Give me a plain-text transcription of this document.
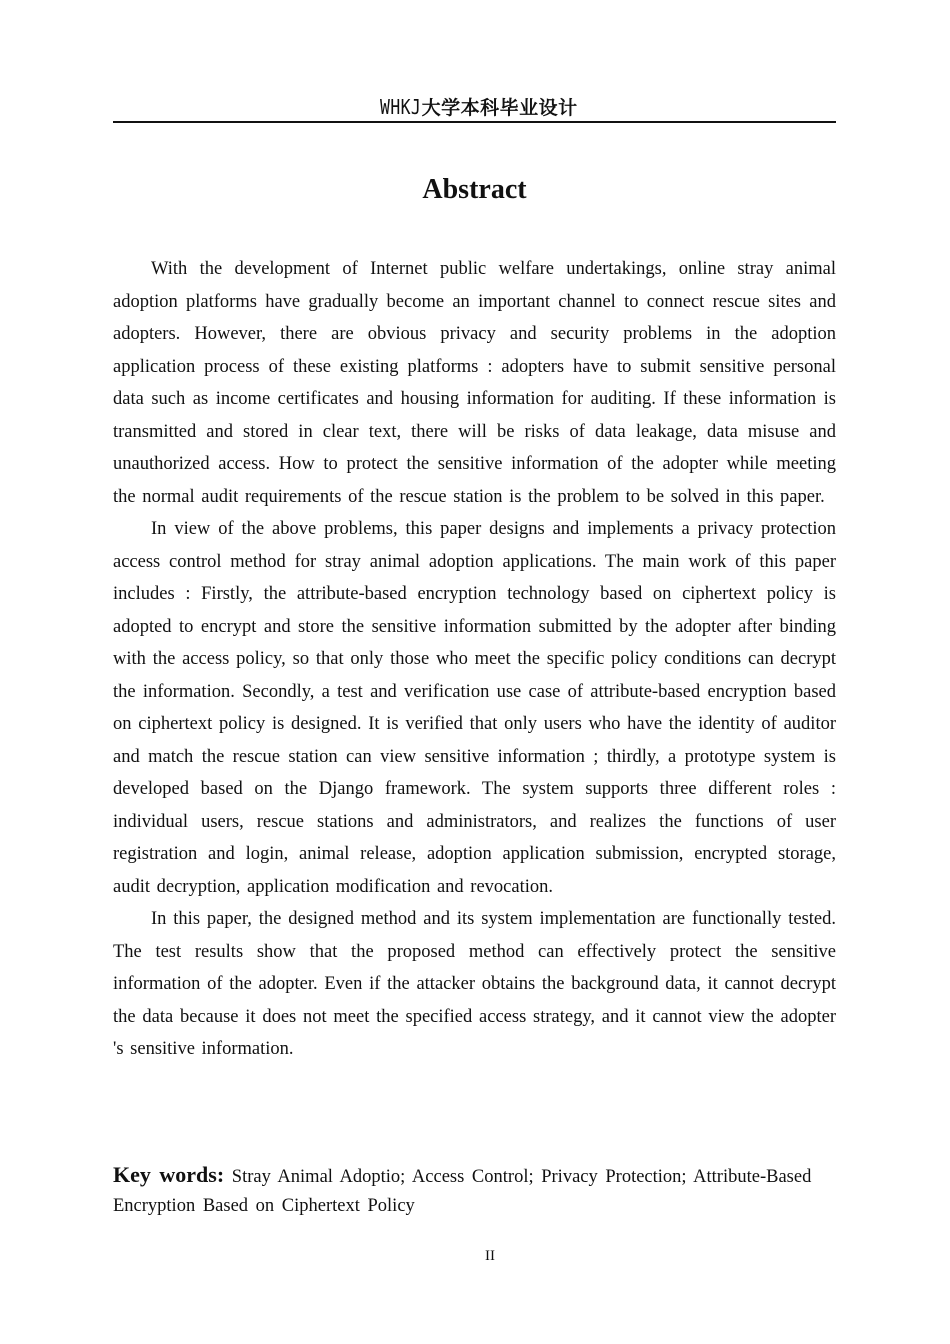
WHKJ大学本科毕业设计
Abstract

With the development of Internet public welfare undertakings, online stray animal adoption platforms have gradually become an important channel to connect rescue sites and adopters. However, there are obvious privacy and security problems in the adoption application process of these existing platforms : adopters have to submit sensitive personal data such as income certificates and housing information for auditing. If these information is transmitted and stored in clear text, there will be risks of data leakage, data misuse and unauthorized access. How to protect the sensitive information of the adopter while meeting the normal audit requirements of the rescue station is the problem to be solved in this paper.

In view of the above problems, this paper designs and implements a privacy protection access control method for stray animal adoption applications. The main work of this paper includes : Firstly, the attribute-based encryption technology based on ciphertext policy is adopted to encrypt and store the sensitive information submitted by the adopter after binding with the access policy, so that only those who meet the specific policy conditions can decrypt the information. Secondly, a test and verification use case of attribute-based encryption based on ciphertext policy is designed. It is verified that only users who have the identity of auditor and match the rescue station can view sensitive information ; thirdly, a prototype system is developed based on the Django framework. The system supports three different roles : individual users, rescue stations and administrators, and realizes the functions of user registration and login, animal release, adoption application submission, encrypted storage, audit decryption, application modification and revocation.

In this paper, the designed method and its system implementation are functionally tested. The test results show that the proposed method can effectively protect the sensitive information of the adopter. Even if the attacker obtains the background data, it cannot decrypt the data because it does not meet the specified access strategy, and it cannot view the adopter 's sensitive information.

Key words: Stray Animal Adoptio; Access Control; Privacy Protection; Attribute-Based Encryption Based on Ciphertext Policy
II
